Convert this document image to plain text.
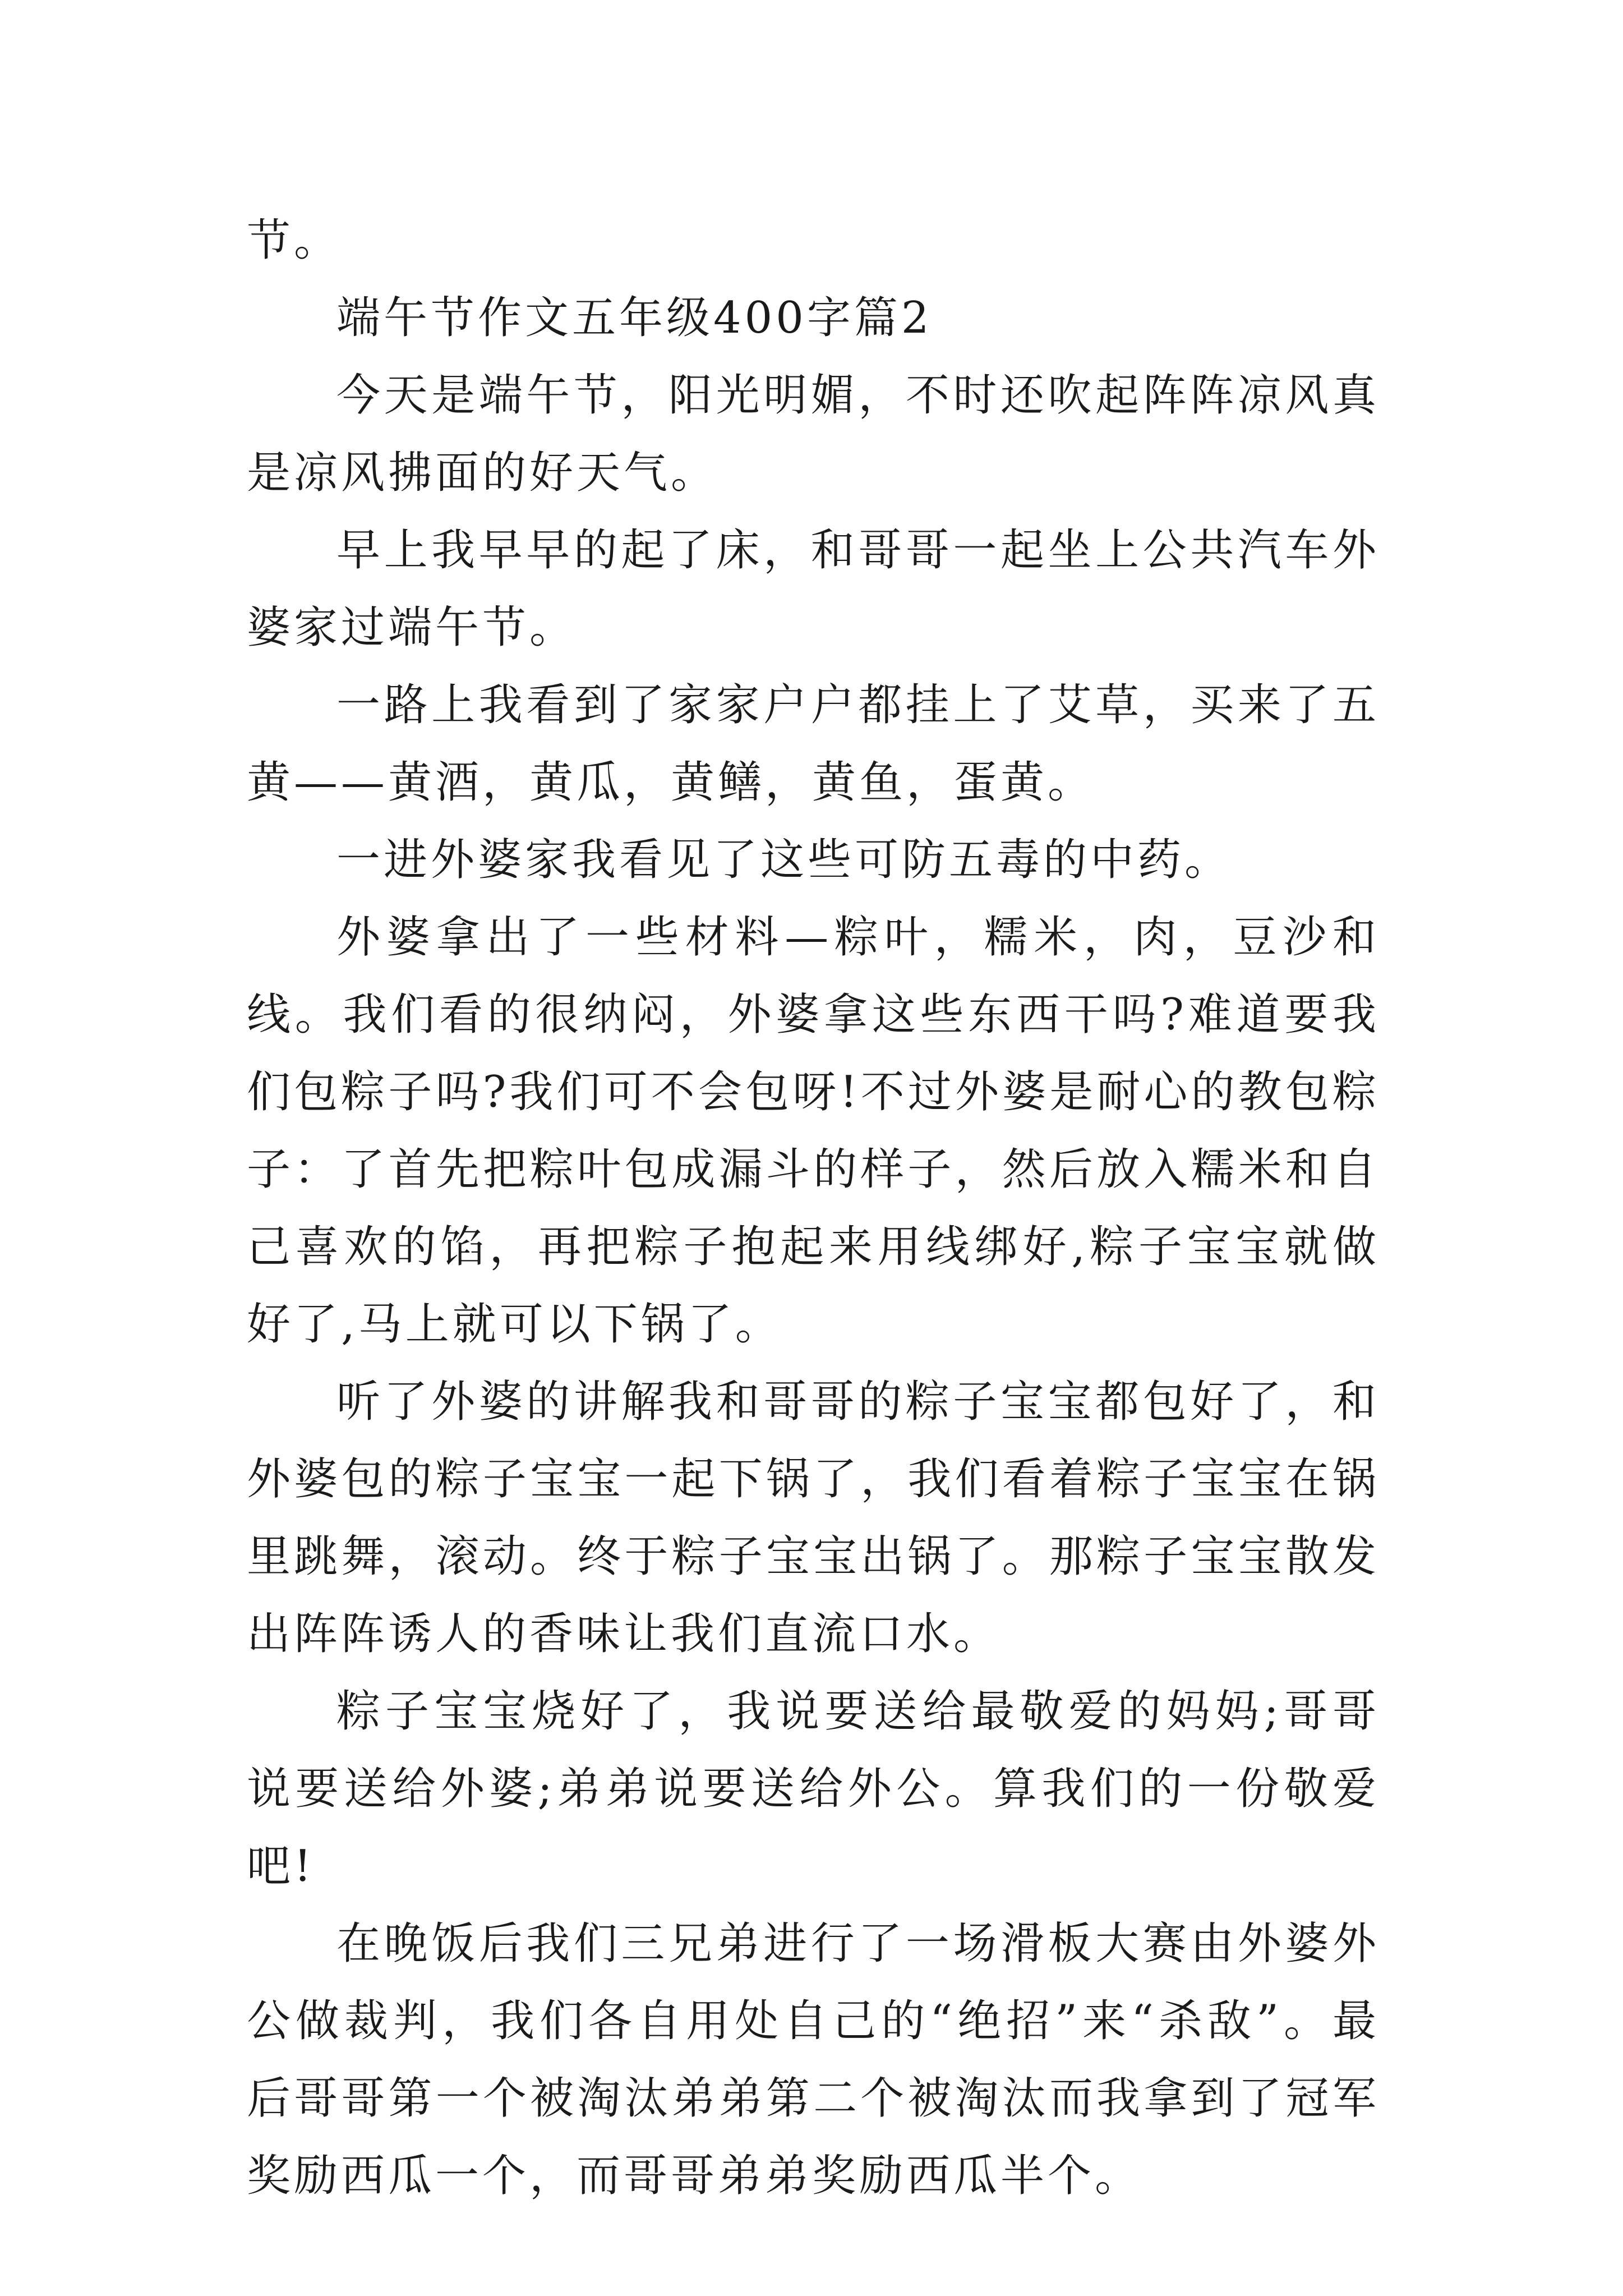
节。

端午节作文五年级400字篇2

今天是端午节，阳光明媚，不时还吹起阵阵凉风真是凉风拂面的好天气。

早上我早早的起了床，和哥哥一起坐上公共汽车外婆家过端午节。

一路上我看到了家家户户都挂上了艾草，买来了五黄——黄酒，黄瓜，黄鳝，黄鱼，蛋黄。

一进外婆家我看见了这些可防五毒的中药。

外婆拿出了一些材料—粽叶，糯米，肉，豆沙和线。我们看的很纳闷，外婆拿这些东西干吗?难道要我们包粽子吗?我们可不会包呀!不过外婆是耐心的教包粽子：了首先把粽叶包成漏斗的样子，然后放入糯米和自己喜欢的馅，再把粽子抱起来用线绑好,粽子宝宝就做好了,马上就可以下锅了。

听了外婆的讲解我和哥哥的粽子宝宝都包好了，和外婆包的粽子宝宝一起下锅了，我们看着粽子宝宝在锅里跳舞，滚动。终于粽子宝宝出锅了。那粽子宝宝散发出阵阵诱人的香味让我们直流口水。

粽子宝宝烧好了，我说要送给最敬爱的妈妈;哥哥说要送给外婆;弟弟说要送给外公。算我们的一份敬爱吧!

在晚饭后我们三兄弟进行了一场滑板大赛由外婆外公做裁判，我们各自用处自己的“绝招”来“杀敌”。最后哥哥第一个被淘汰弟弟第二个被淘汰而我拿到了冠军奖励西瓜一个，而哥哥弟弟奖励西瓜半个。
